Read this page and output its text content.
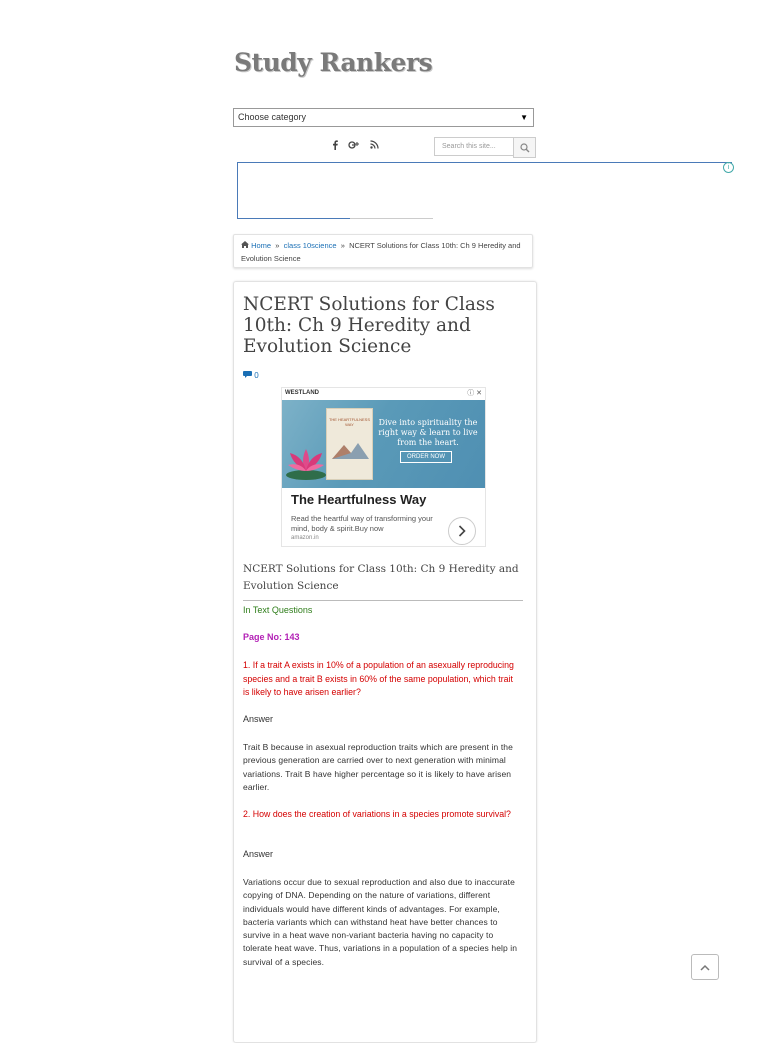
Study Rankers
Choose category	▼
Search this site...
i
Home » class 10science » NCERT Solutions for Class 10th: Ch 9 Heredity and Evolution Science
NCERT Solutions for Class 10th: Ch 9 Heredity and Evolution Science
0
WESTLAND	ⓘ ✕
THE HEARTFULNESS WAY	Dive into spirituality the right way & learn to live from the heart.
ORDER NOW
The Heartfulness Way
Read the heartful way of transforming your mind, body & spirit.Buy now
amazon.in
NCERT Solutions for Class 10th: Ch 9 Heredity and Evolution Science
In Text Questions
Page No: 143
1. If a trait A exists in 10% of a population of an asexually reproducing species and a trait B exists in 60% of the same population, which trait is likely to have arisen earlier?
Answer
Trait B because in asexual reproduction traits which are present in the previous generation are carried over to next generation with minimal variations. Trait B have higher percentage so it is likely to have arisen earlier.
2. How does the creation of variations in a species promote survival?
Answer
Variations occur due to sexual reproduction and also due to inaccurate copying of DNA. Depending on the nature of variations, different individuals would have different kinds of advantages. For example, bacteria variants which can withstand heat have better chances to survive in a heat wave non-variant bacteria having no capacity to tolerate heat wave. Thus, variations in a population of a species help in survival of a species.
